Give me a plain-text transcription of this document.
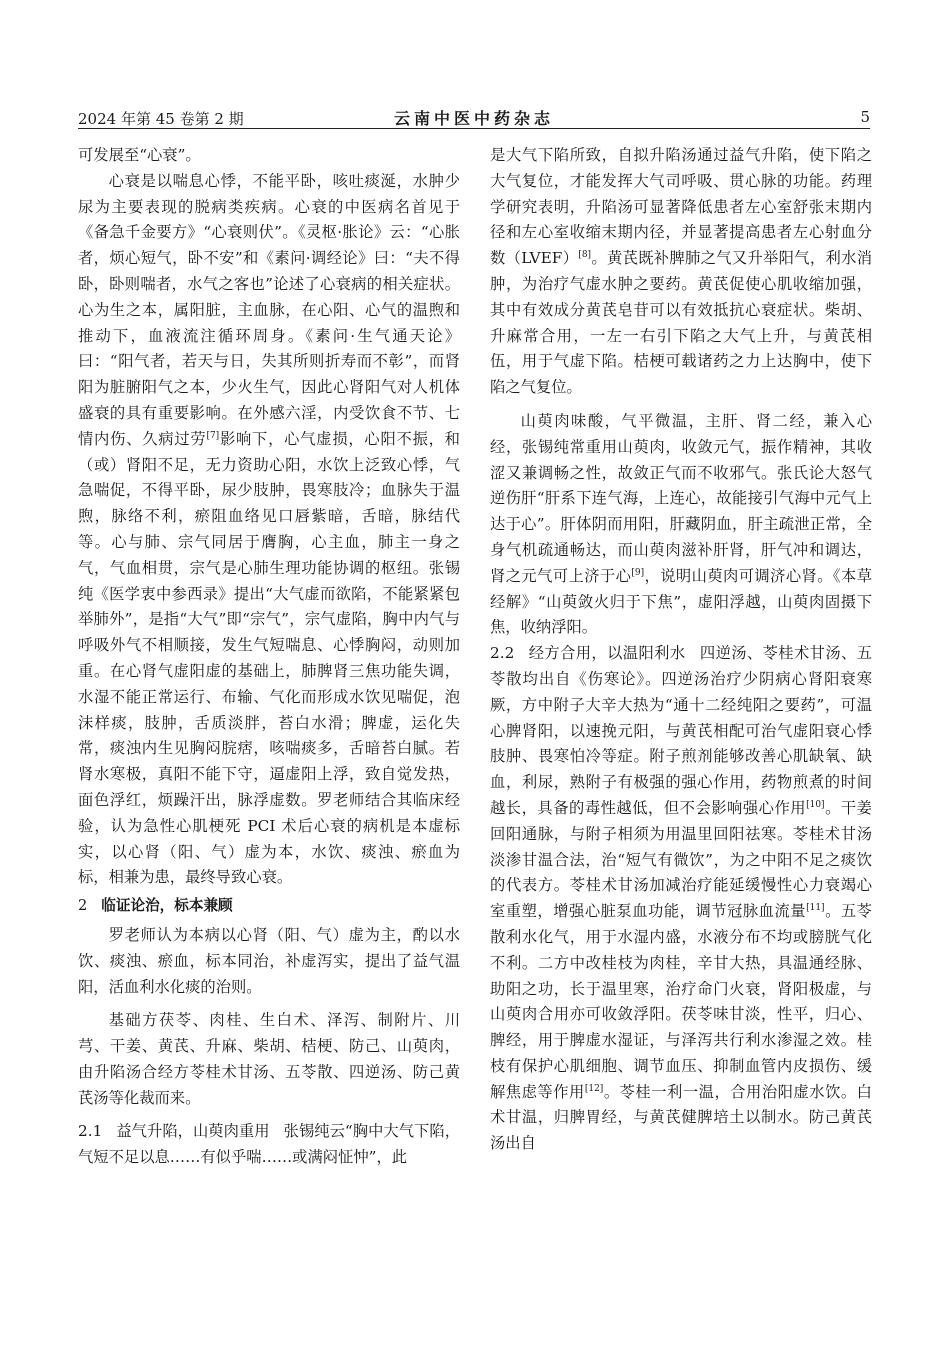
2024 年第 45 卷第 2 期	云南中医中药杂志	5

可发展至“心衰”。

心衰是以喘息心悸，不能平卧，咳吐痰涎，水肿少尿为主要表现的脱病类疾病。心衰的中医病名首见于《备急千金要方》“心衰则伏”。《灵枢·胀论》云：“心胀者，烦心短气，卧不安”和《素问·调经论》曰：“夫不得卧，卧则喘者，水气之客也”论述了心衰病的相关症状。心为生之本，属阳脏，主血脉，在心阳、心气的温煦和推动下，血液流注循环周身。《素问·生气通天论》曰：“阳气者，若天与日，失其所则折寿而不彰”，而肾阳为脏腑阳气之本，少火生气，因此心肾阳气对人机体盛衰的具有重要影响。在外感六淫，内受饮食不节、七情内伤、久病过劳[7]影响下，心气虚损，心阳不振，和（或）肾阳不足，无力资助心阳，水饮上泛致心悸，气急喘促，不得平卧，尿少肢肿，畏寒肢冷；血脉失于温煦，脉络不利，瘀阻血络见口唇紫暗，舌暗，脉结代等。心与肺、宗气同居于膺胸，心主血，肺主一身之气，气血相贯，宗气是心肺生理功能协调的枢纽。张锡纯《医学衷中参西录》提出“大气虚而欲陷，不能紧紧包举肺外”，是指“大气”即“宗气”，宗气虚陷，胸中内气与呼吸外气不相顺接，发生气短喘息、心悸胸闷，动则加重。在心肾气虚阳虚的基础上，肺脾肾三焦功能失调，水湿不能正常运行、布输、气化而形成水饮见喘促，泡沫样痰，肢肿，舌质淡胖，苔白水滑；脾虚，运化失常，痰浊内生见胸闷脘痞，咳喘痰多，舌暗苔白腻。若肾水寒极，真阳不能下守，逼虚阳上浮，致自觉发热，面色浮红，烦躁汗出，脉浮虚数。罗老师结合其临床经验，认为急性心肌梗死 PCI 术后心衰的病机是本虚标实，以心肾（阳、气）虚为本，水饮、痰浊、瘀血为标，相兼为患，最终导致心衰。

2 临证论治，标本兼顾

罗老师认为本病以心肾（阳、气）虚为主，酌以水饮、痰浊、瘀血，标本同治，补虚泻实，提出了益气温阳，活血利水化痰的治则。

基础方茯苓、肉桂、生白术、泽泻、制附片、川芎、干姜、黄芪、升麻、柴胡、桔梗、防己、山萸肉，由升陷汤合经方苓桂术甘汤、五苓散、四逆汤、防己黄芪汤等化裁而来。

2.1 益气升陷，山萸肉重用 张锡纯云“胸中大气下陷，气短不足以息……有似乎喘……或满闷怔忡”，此

是大气下陷所致，自拟升陷汤通过益气升陷，使下陷之大气复位，才能发挥大气司呼吸、贯心脉的功能。药理学研究表明，升陷汤可显著降低患者左心室舒张末期内径和左心室收缩末期内径，并显著提高患者左心射血分数（LVEF）[8]。黄芪既补脾肺之气又升举阳气，利水消肿，为治疗气虚水肿之要药。黄芪促使心肌收缩加强，其中有效成分黄芪皂苷可以有效抵抗心衰症状。柴胡、升麻常合用，一左一右引下陷之大气上升，与黄芪相伍，用于气虚下陷。桔梗可载诸药之力上达胸中，使下陷之气复位。

山萸肉味酸，气平微温，主肝、肾二经，兼入心经，张锡纯常重用山萸肉，收敛元气，振作精神，其收涩又兼调畅之性，故敛正气而不收邪气。张氏论大怒气逆伤肝“肝系下连气海，上连心，故能接引气海中元气上达于心”。肝体阴而用阳，肝藏阴血，肝主疏泄正常，全身气机疏通畅达，而山萸肉滋补肝肾，肝气冲和调达，肾之元气可上济于心[9]，说明山萸肉可调济心肾。《本草经解》“山萸敛火归于下焦”，虚阳浮越，山萸肉固摄下焦，收纳浮阳。

2.2 经方合用，以温阳利水 四逆汤、苓桂术甘汤、五苓散均出自《伤寒论》。四逆汤治疗少阴病心肾阳衰寒厥，方中附子大辛大热为“通十二经纯阳之要药”，可温心脾肾阳，以速挽元阳，与黄芪相配可治气虚阳衰心悸肢肿、畏寒怕冷等症。附子煎剂能够改善心肌缺氧、缺血，利尿，熟附子有极强的强心作用，药物煎煮的时间越长，具备的毒性越低，但不会影响强心作用[10]。干姜回阳通脉，与附子相须为用温里回阳祛寒。苓桂术甘汤淡渗甘温合法，治“短气有微饮”，为之中阳不足之痰饮的代表方。苓桂术甘汤加减治疗能延缓慢性心力衰竭心室重塑，增强心脏泵血功能，调节冠脉血流量[11]。五苓散利水化气，用于水湿内盛，水液分布不均或膀胱气化不利。二方中改桂枝为肉桂，辛甘大热，具温通经脉、助阳之功，长于温里寒，治疗命门火衰，肾阳极虚，与山萸肉合用亦可收敛浮阳。茯苓味甘淡，性平，归心、脾经，用于脾虚水湿证，与泽泻共行利水渗湿之效。桂枝有保护心肌细胞、调节血压、抑制血管内皮损伤、缓解焦虑等作用[12]。苓桂一利一温，合用治阳虚水饮。白术甘温，归脾胃经，与黄芪健脾培土以制水。防己黄芪汤出自
